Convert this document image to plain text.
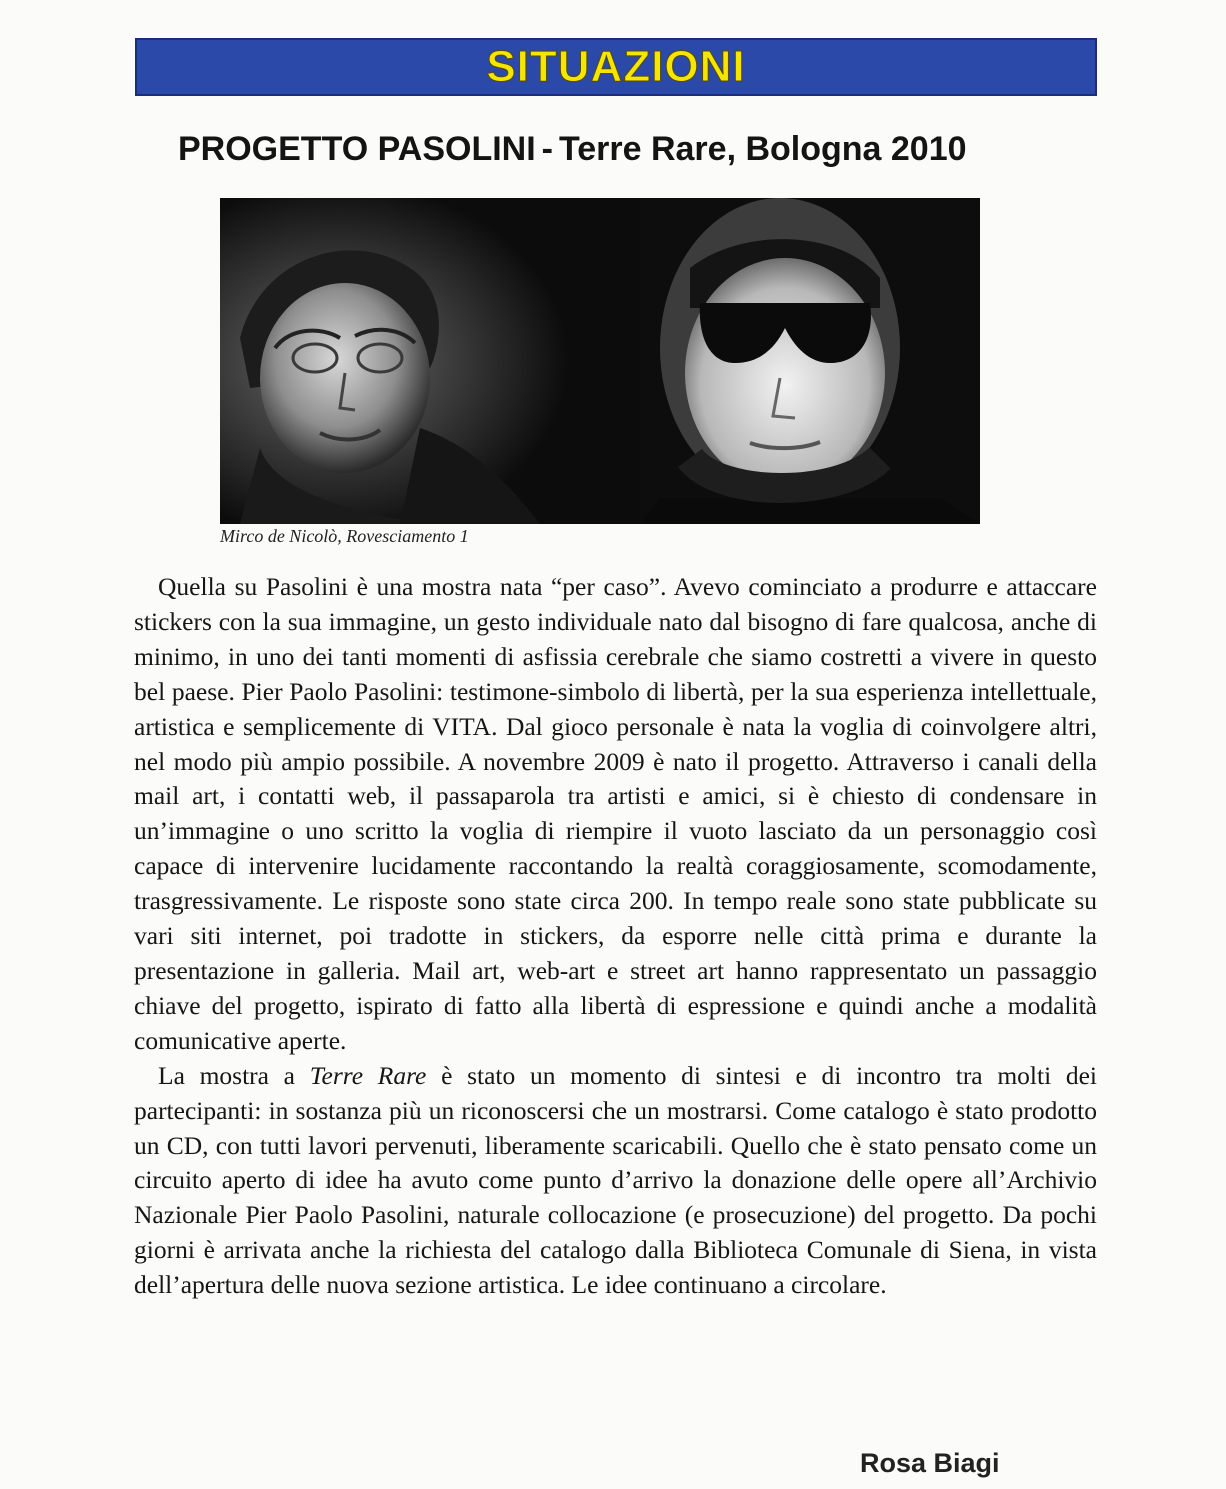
SITUAZIONI
PROGETTO PASOLINI - Terre Rare, Bologna 2010
Mirco de Nicolò, Rovesciamento 1

Quella su Pasolini è una mostra nata “per caso”. Avevo cominciato a produrre e attaccare stickers con la sua immagine, un gesto individuale nato dal bisogno di fare qualcosa, anche di minimo, in uno dei tanti momenti di asfissia cerebrale che siamo costretti a vivere in questo bel paese. Pier Paolo Pasolini: testimone-simbolo di libertà, per la sua esperienza intellettuale, artistica e semplicemente di VITA. Dal gioco personale è nata la voglia di coinvolgere altri, nel modo più ampio possibile. A novembre 2009 è nato il progetto. Attraverso i canali della mail art, i contatti web, il passaparola tra artisti e amici, si è chiesto di condensare in un’immagine o uno scritto la voglia di riempire il vuoto lasciato da un personaggio così capace di intervenire lucidamente raccontando la realtà coraggiosamente, scomodamente, trasgressivamente. Le risposte sono state circa 200. In tempo reale sono state pubblicate su vari siti internet, poi tradotte in stickers, da esporre nelle città prima e durante la presentazione in galleria. Mail art, web-art e street art hanno rappresentato un passaggio chiave del progetto, ispirato di fatto alla libertà di espressione e quindi anche a modalità comunicative aperte.

La mostra a Terre Rare è stato un momento di sintesi e di incontro tra molti dei partecipanti: in sostanza più un riconoscersi che un mostrarsi. Come catalogo è stato prodotto un CD, con tutti lavori pervenuti, liberamente scaricabili. Quello che è stato pensato come un circuito aperto di idee ha avuto come punto d’arrivo la donazione delle opere all’Archivio Nazionale Pier Paolo Pasolini, naturale collocazione (e prosecuzione) del progetto. Da pochi giorni è arrivata anche la richiesta del catalogo dalla Biblioteca Comunale di Siena, in vista dell’apertura delle nuova sezione artistica. Le idee continuano a circolare.

Rosa Biagi
